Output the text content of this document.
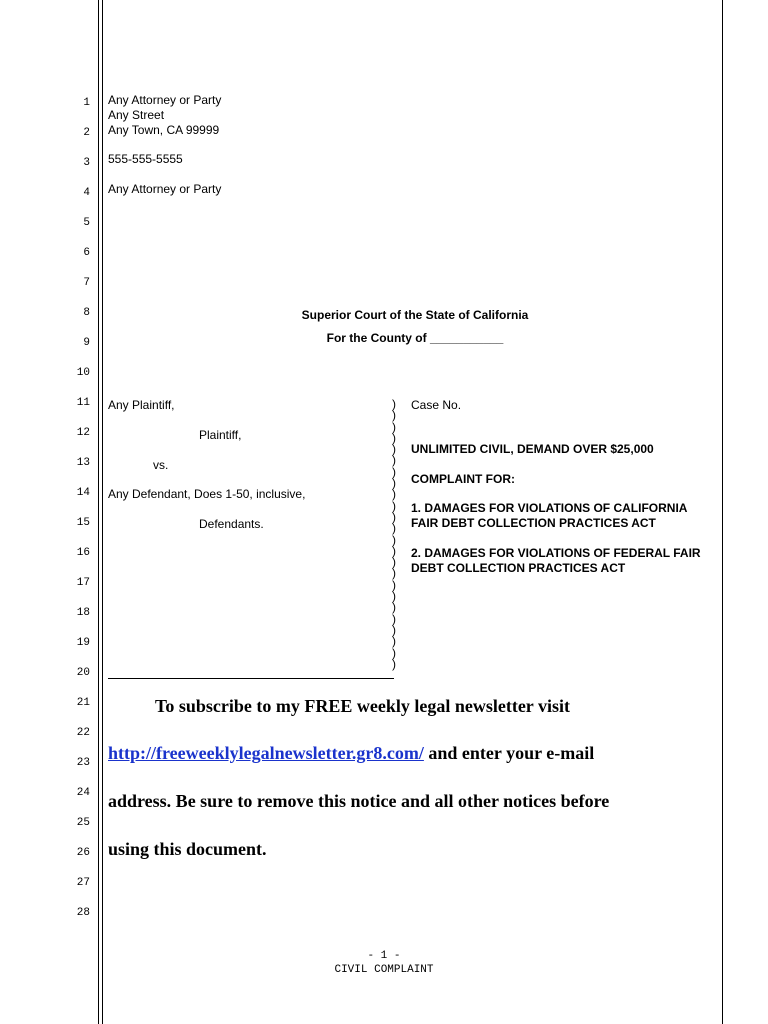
1
2
3
4
5
6
7
8
9
10
11
12
13
14
15
16
17
18
19
20
21
22
23
24
25
26
27
28
Any Attorney or Party
Any Street
Any Town, CA 99999
555-555-5555
Any Attorney or Party
Superior Court of the State of California
For the County of ___________
Any Plaintiff,
Plaintiff,
vs.
Any Defendant, Does 1-50, inclusive,
Defendants.
)
)
)
)
)
)
)
)
)
)
)
)
)
)
)
)
)
)
)
)
)
)
)
)
Case No.
UNLIMITED CIVIL, DEMAND OVER $25,000
COMPLAINT FOR:
1. DAMAGES FOR VIOLATIONS OF CALIFORNIA FAIR DEBT COLLECTION PRACTICES ACT
2. DAMAGES FOR VIOLATIONS OF FEDERAL FAIR DEBT COLLECTION PRACTICES ACT
To subscribe to my FREE weekly legal newsletter visit
http://freeweeklylegalnewsletter.gr8.com/ and enter your e-mail
address. Be sure to remove this notice and all other notices before
using this document.
- 1 -
CIVIL COMPLAINT
